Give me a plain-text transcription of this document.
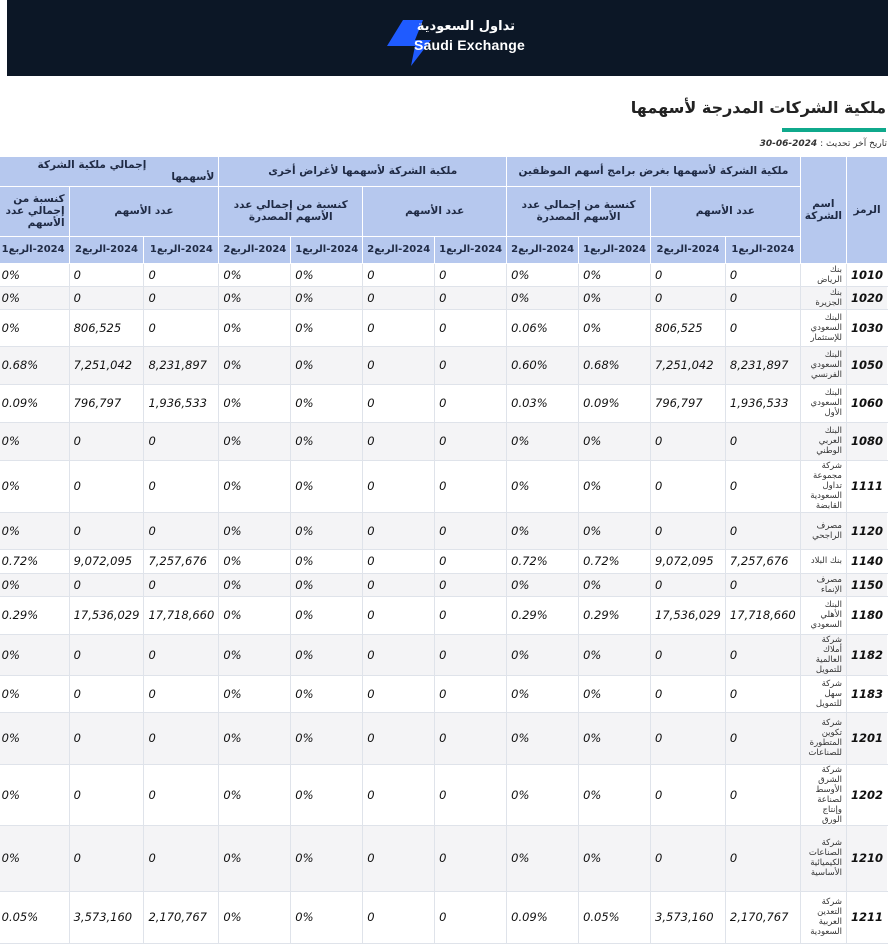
تداول السعودية
Saudi Exchange
ملكية الشركات المدرجة لأسهمها
تاريخ آخر تحديث : 2024-06-30
الرمز	اسم الشركة	ملكية الشركة لأسهمها بغرض برامج أسهم الموظفين				ملكية الشركة لأسهمها لأغراض أخرى				إجمالي ملكية الشركة لأسهمها		
		عدد الأسهم		كنسبة من إجمالي عدد الأسهم المصدرة		عدد الأسهم		كنسبة من إجمالي عدد الأسهم المصدرة		عدد الأسهم		كنسبة من إجمالي عدد الأسهم
		2024-الربع1	2024-الربع2	2024-الربع1	2024-الربع2	2024-الربع1	2024-الربع2	2024-الربع1	2024-الربع2	2024-الربع1	2024-الربع2	2024-الربع1
1010	بنك الرياض	0	0	0%	0%	0	0	0%	0%	0	0	0%
1020	بنك الجزيرة	0	0	0%	0%	0	0	0%	0%	0	0	0%
1030	البنك السعودي للإستثمار	0	806,525	0%	0.06%	0	0	0%	0%	0	806,525	0%
1050	البنك السعودي الفرنسي	8,231,897	7,251,042	0.68%	0.60%	0	0	0%	0%	8,231,897	7,251,042	0.68%
1060	البنك السعودي الأول	1,936,533	796,797	0.09%	0.03%	0	0	0%	0%	1,936,533	796,797	0.09%
1080	البنك العربي الوطني	0	0	0%	0%	0	0	0%	0%	0	0	0%
1111	شركة مجموعة تداول السعودية القابضة	0	0	0%	0%	0	0	0%	0%	0	0	0%
1120	مصرف الراجحي	0	0	0%	0%	0	0	0%	0%	0	0	0%
1140	بنك البلاد	7,257,676	9,072,095	0.72%	0.72%	0	0	0%	0%	7,257,676	9,072,095	0.72%
1150	مصرف الإنماء	0	0	0%	0%	0	0	0%	0%	0	0	0%
1180	البنك الأهلي السعودي	17,718,660	17,536,029	0.29%	0.29%	0	0	0%	0%	17,718,660	17,536,029	0.29%
1182	شركة أملاك العالمية للتمويل	0	0	0%	0%	0	0	0%	0%	0	0	0%
1183	شركة سهل للتمويل	0	0	0%	0%	0	0	0%	0%	0	0	0%
1201	شركة تكوين المتطورة للصناعات	0	0	0%	0%	0	0	0%	0%	0	0	0%
1202	شركة الشرق الأوسط لصناعة وإنتاج الورق	0	0	0%	0%	0	0	0%	0%	0	0	0%
1210	شركة الصناعات الكيميائية الأساسية	0	0	0%	0%	0	0	0%	0%	0	0	0%
1211	شركة التعدين العربية السعودية	2,170,767	3,573,160	0.05%	0.09%	0	0	0%	0%	2,170,767	3,573,160	0.05%
